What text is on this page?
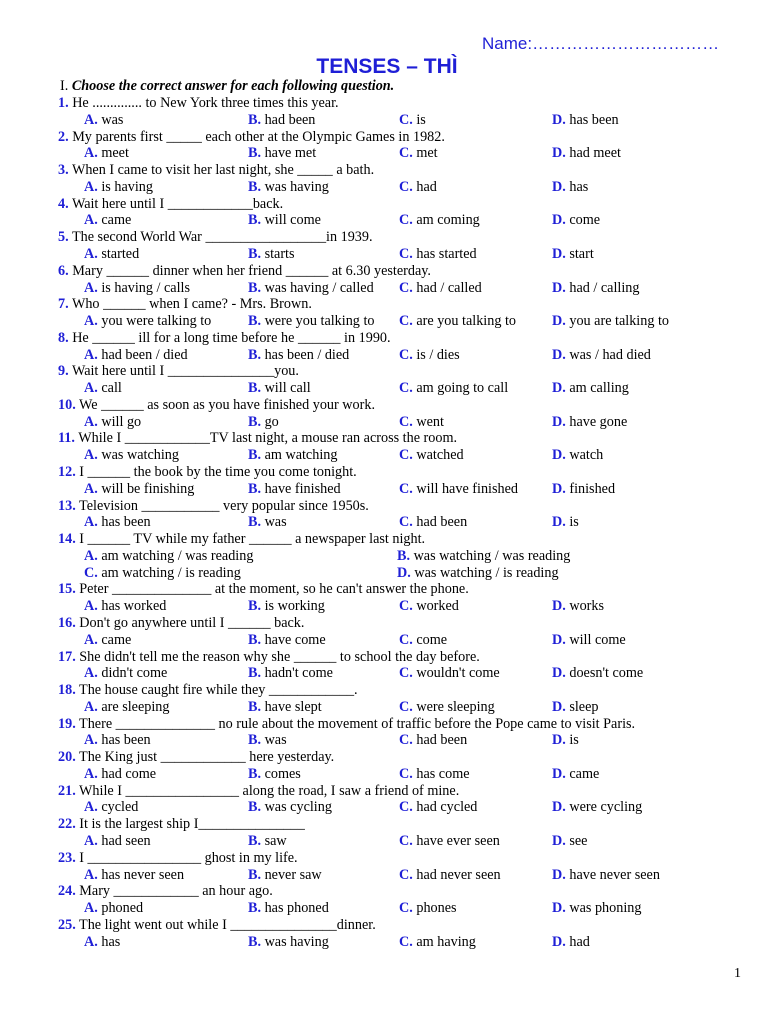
Name:……………………………
TENSES – THÌ
I. Choose the correct answer for each following question.
1. He .............. to New York three times this year.
A. was	B. had been	C. is	D. has been
2. My parents first _____ each other at the Olympic Games in 1982.
A. meet	B. have met	C. met	D. had meet
3. When I came to visit her last night, she _____ a bath.
A. is having	B. was having	C. had	D. has
4. Wait here until I ____________back.
A. came	B. will come	C. am coming	D. come
5. The second World War _________________in 1939.
A. started	B. starts	C. has started	D. start
6. Mary ______ dinner when her friend ______ at 6.30 yesterday.
A. is having / calls	B. was having / called C. had / called	D. had / calling
7. Who ______ when I came? - Mrs. Brown.
A. you were talking to	B. were you talking to C. are you talking to	D. you are talking to
8. He ______ ill for a long time before he ______ in 1990.
A. had been / died	B. has been / died	C. is / dies	D. was / had died
9. Wait here until I _______________you.
A. call	B. will call	C. am going to call	D. am calling
10. We ______ as soon as you have finished your work.
A. will go	B. go	C. went	D. have gone
11. While I ____________TV last night, a mouse ran across the room.
A. was watching	B. am watching	C. watched	D. watch
12. I ______ the book by the time you come tonight.
A. will be finishing	B. have finished	C. will have finished D. finished
13. Television ___________ very popular since 1950s.
A. has been	B. was	C. had been	D. is
14. I ______ TV while my father ______ a newspaper last night.
A. am watching / was reading	B. was watching / was reading
C. am watching / is reading	D. was watching / is reading
15. Peter ______________ at the moment, so he can't answer the phone.
A. has worked	B. is working	C. worked	D. works
16. Don't go anywhere until I ______ back.
A. came	B. have come	C. come	D. will come
17. She didn't tell me the reason why she ______ to school the day before.
A. didn't come	B. hadn't come	C. wouldn't come	D. doesn't come
18. The house caught fire while they ____________.
A. are sleeping	B. have slept	C. were sleeping	D. sleep
19. There ______________ no rule about the movement of traffic before the Pope came to visit Paris.
A. has been	B. was	C. had been	D. is
20. The King just ____________ here yesterday.
A. had come	B. comes	C. has come	D. came
21. While I ________________ along the road, I saw a friend of mine.
A. cycled	B. was cycling	C. had cycled	D. were cycling
22. It is the largest ship I_______________
A. had seen	B. saw	C. have ever seen	D. see
23. I ________________ ghost in my life.
A. has never seen	B. never saw	C. had never seen	D. have never seen
24. Mary ____________ an hour ago.
A. phoned	B. has phoned	C. phones	D. was phoning
25. The light went out while I _______________dinner.
A. has	B. was having	C. am having	D. had
1
